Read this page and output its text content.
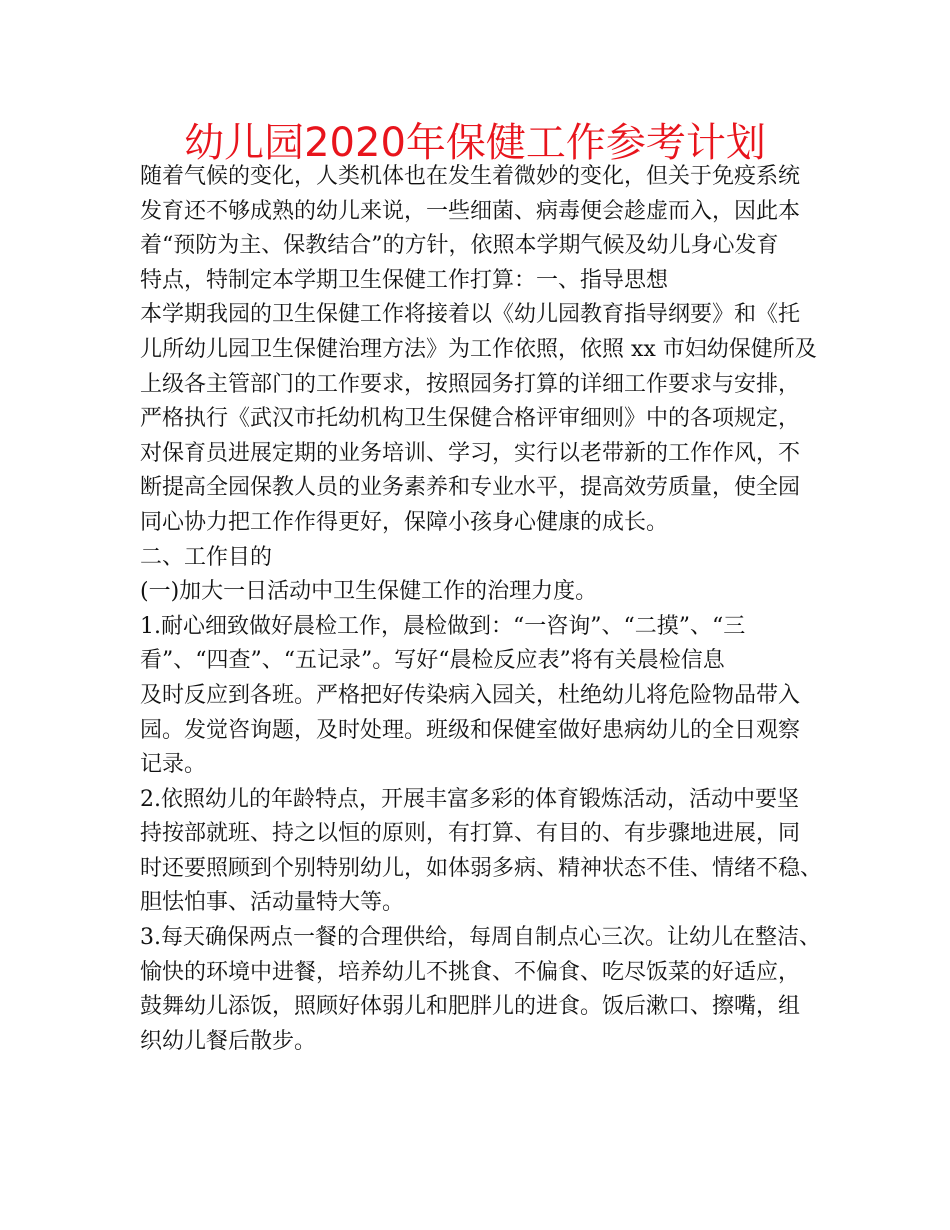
幼儿园2020年保健工作参考计划
随着气候的变化，人类机体也在发生着微妙的变化，但关于免疫系统
发育还不够成熟的幼儿来说，一些细菌、病毒便会趁虚而入，因此本
着“预防为主、保教结合”的方针，依照本学期气候及幼儿身心发育
特点，特制定本学期卫生保健工作打算：一、指导思想
本学期我园的卫生保健工作将接着以《幼儿园教育指导纲要》和《托
儿所幼儿园卫生保健治理方法》为工作依照，依照 xx 市妇幼保健所及
上级各主管部门的工作要求，按照园务打算的详细工作要求与安排，
严格执行《武汉市托幼机构卫生保健合格评审细则》中的各项规定，
对保育员进展定期的业务培训、学习，实行以老带新的工作作风，不
断提高全园保教人员的业务素养和专业水平，提高效劳质量，使全园
同心协力把工作作得更好，保障小孩身心健康的成长。
二、工作目的
(一)加大一日活动中卫生保健工作的治理力度。
1.耐心细致做好晨检工作，晨检做到：“一咨询”、“二摸”、“三
看”、“四查”、“五记录”。写好“晨检反应表”将有关晨检信息
及时反应到各班。严格把好传染病入园关，杜绝幼儿将危险物品带入
园。发觉咨询题，及时处理。班级和保健室做好患病幼儿的全日观察
记录。
2.依照幼儿的年龄特点，开展丰富多彩的体育锻炼活动，活动中要坚
持按部就班、持之以恒的原则，有打算、有目的、有步骤地进展，同
时还要照顾到个别特别幼儿，如体弱多病、精神状态不佳、情绪不稳、
胆怯怕事、活动量特大等。
3.每天确保两点一餐的合理供给，每周自制点心三次。让幼儿在整洁、
愉快的环境中进餐，培养幼儿不挑食、不偏食、吃尽饭菜的好适应，
鼓舞幼儿添饭，照顾好体弱儿和肥胖儿的进食。饭后漱口、擦嘴，组
织幼儿餐后散步。
